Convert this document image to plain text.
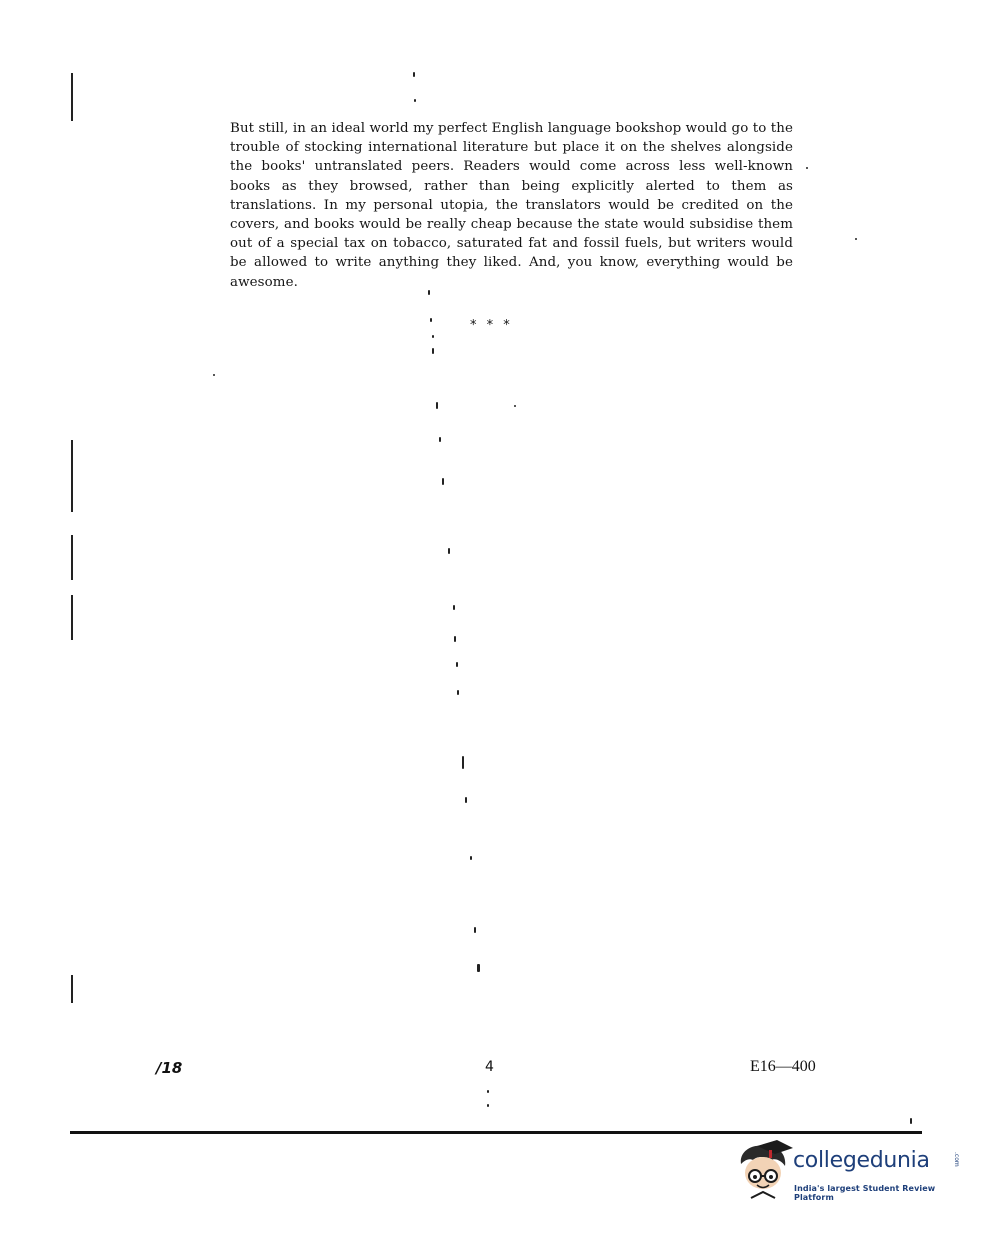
But still, in an ideal world my perfect English language bookshop would go to the trouble of stocking international literature but place it on the shelves alongside the books' untranslated peers. Readers would come across less well-known books as they browsed, rather than being explicitly alerted to them as translations. In my personal utopia, the translators would be credited on the covers, and books would be really cheap because the state would subsidise them out of a special tax on tobacco, saturated fat and fossil fuels, but writers would be allowed to write anything they liked. And, you know, everything would be awesome.

* * *
/18	4	E16—400
collegedunia	.com
India's largest Student Review Platform
